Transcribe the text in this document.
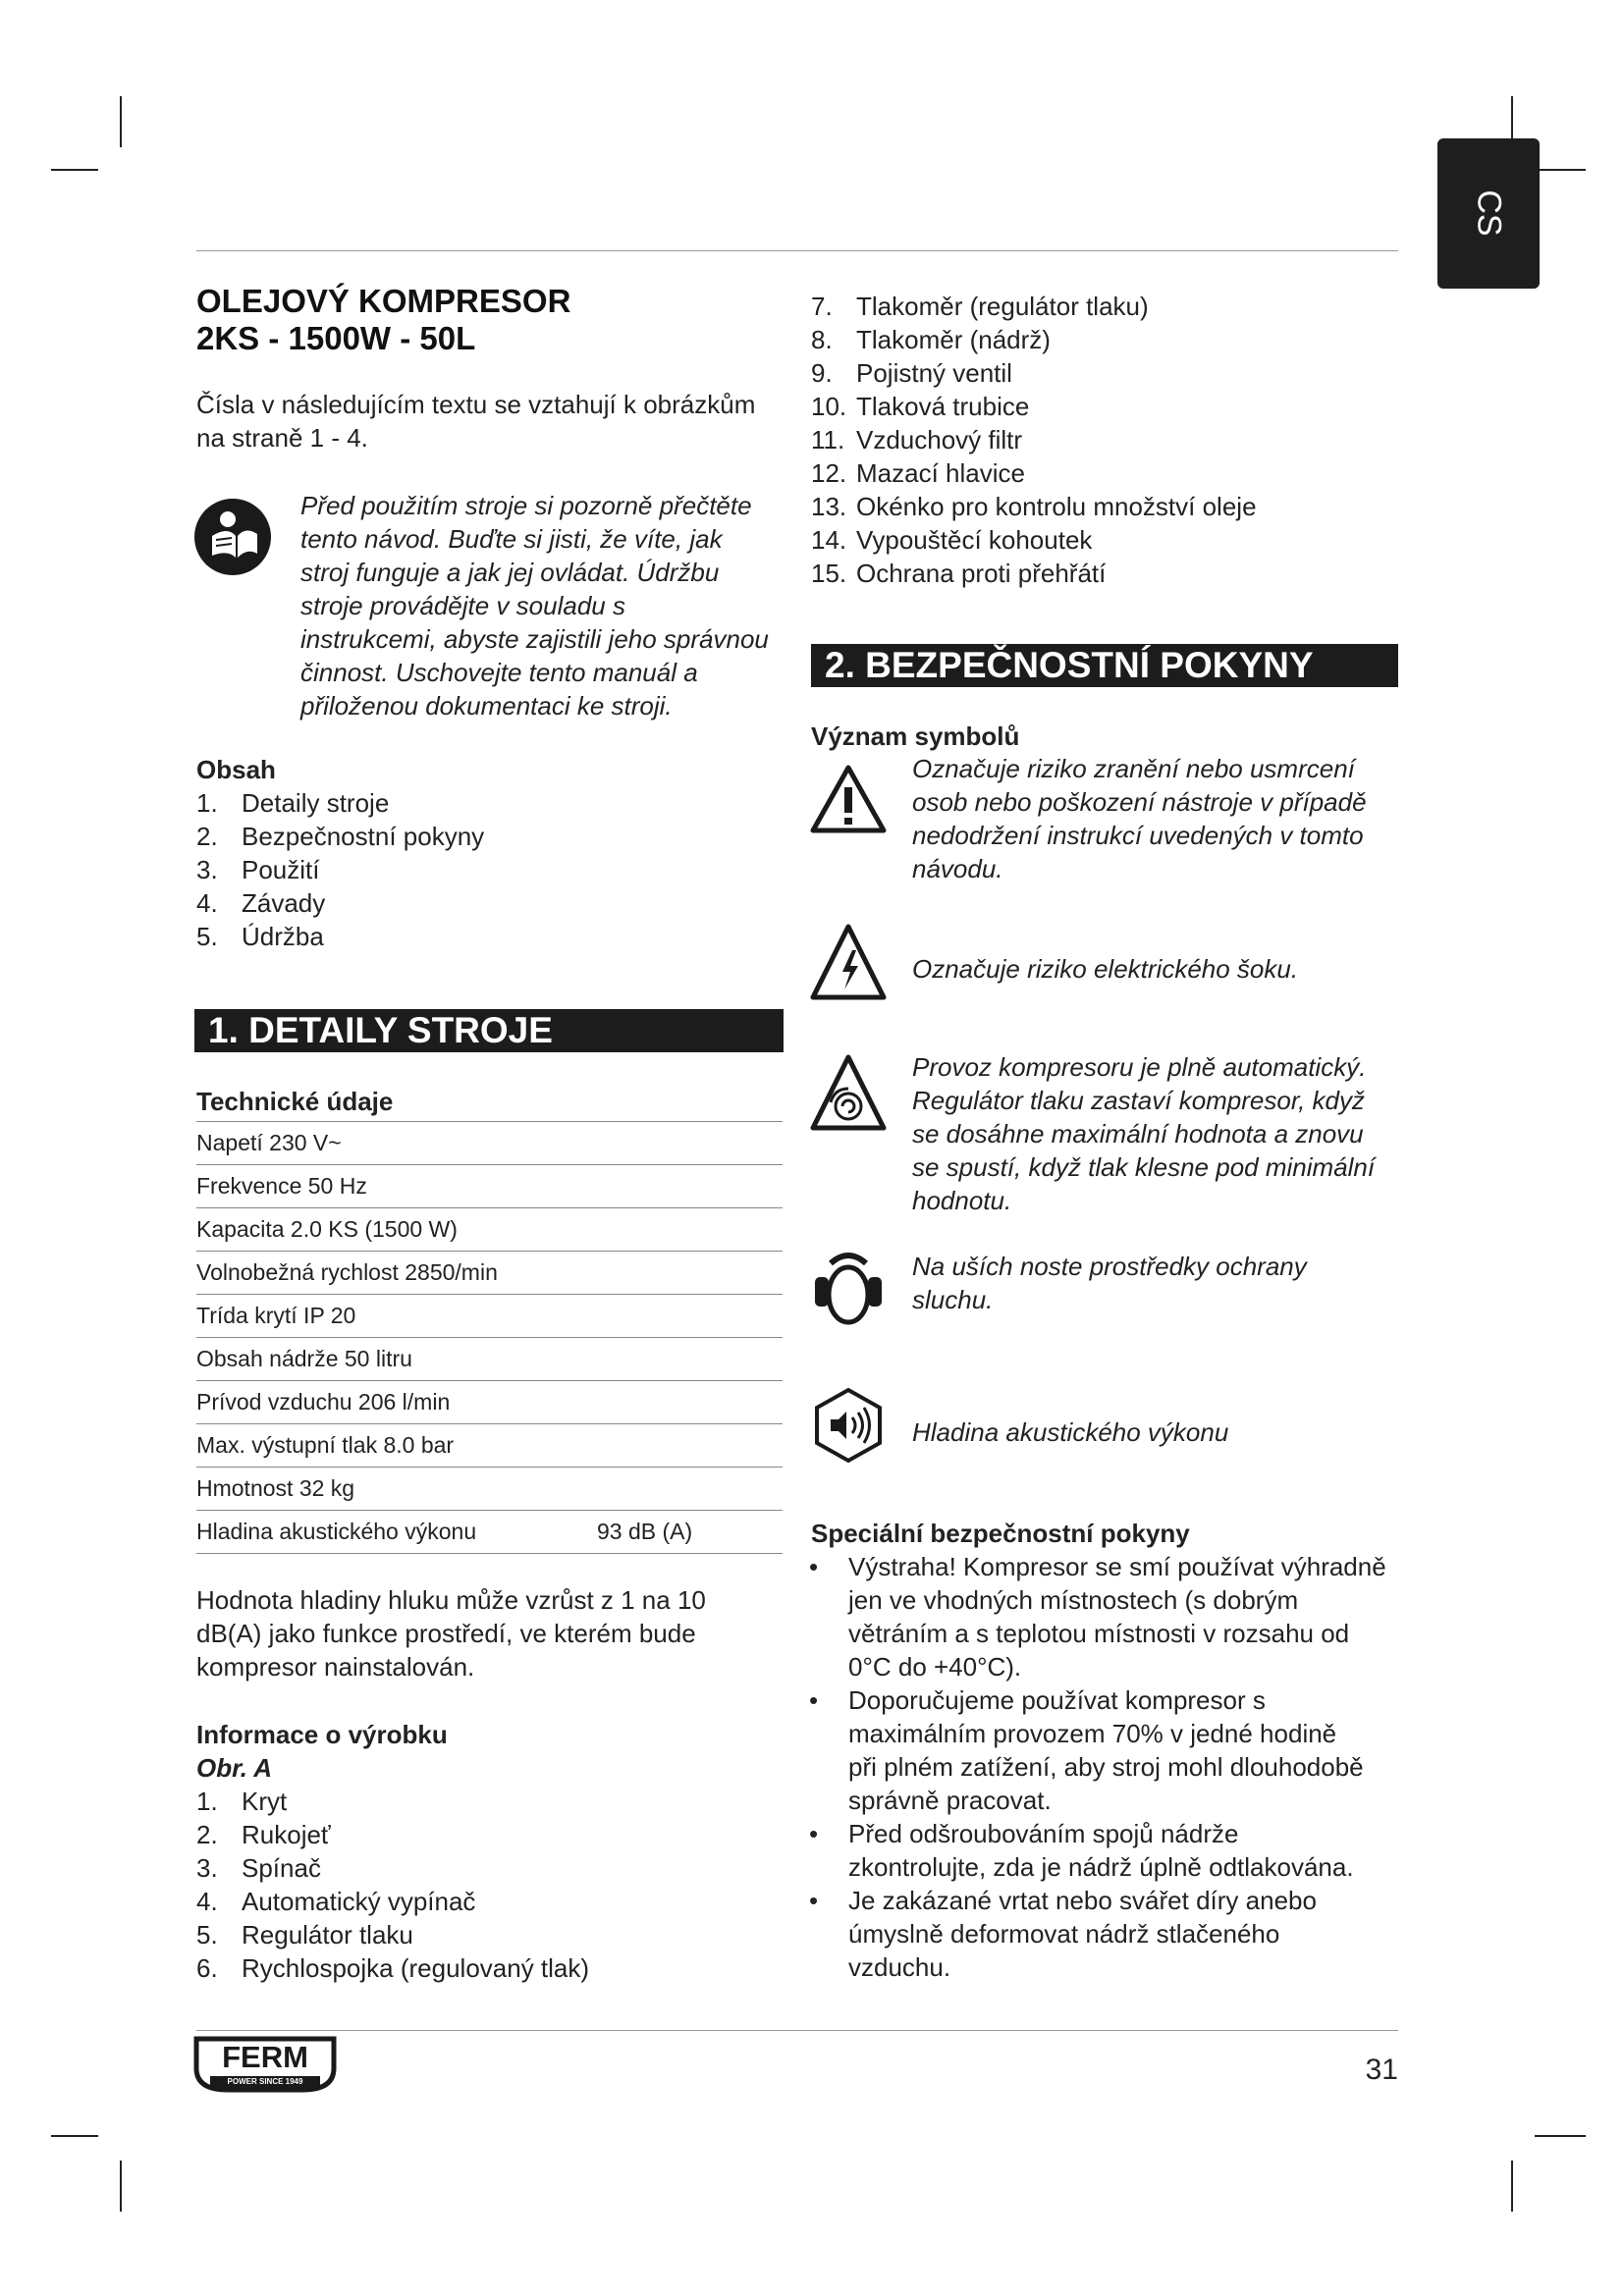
CS
OLEJOVÝ KOMPRESOR
2KS - 1500W - 50L
Čísla v následujícím textu se vztahují k obrázkům
na straně 1 - 4.
Před použitím stroje si pozorně přečtěte
tento návod. Buďte si jisti, že víte, jak
stroj funguje a jak jej ovládat. Údržbu
stroje provádějte v souladu s
instrukcemi, abyste zajistili jeho správnou
činnost. Uschovejte tento manuál a
přiloženou dokumentaci ke stroji.
Obsah
1. Detaily stroje
2. Bezpečnostní pokyny
3. Použití
4. Závady
5. Údržba
1. DETAILY STROJE
Technické údaje
Napetí 230 V~
Frekvence 50 Hz
Kapacita 2.0 KS (1500 W)
Volnobežná rychlost 2850/min
Trída krytí IP 20
Obsah nádrže 50 litru
Prívod vzduchu 206 l/min
Max. výstupní tlak 8.0 bar
Hmotnost 32 kg
Hladina akustického výkonu	93 dB (A)
Hodnota hladiny hluku může vzrůst z 1 na 10
dB(A) jako funkce prostředí, ve kterém bude
kompresor nainstalován.
Informace o výrobku
Obr. A
1. Kryt
2. Rukojeť
3. Spínač
4. Automatický vypínač
5. Regulátor tlaku
6. Rychlospojka (regulovaný tlak)
7. Tlakoměr (regulátor tlaku)
8. Tlakoměr (nádrž)
9. Pojistný ventil
10. Tlaková trubice
11. Vzduchový filtr
12. Mazací hlavice
13. Okénko pro kontrolu množství oleje
14. Vypouštěcí kohoutek
15. Ochrana proti přehřátí
2. BEZPEČNOSTNÍ POKYNY
Význam symbolů
Označuje riziko zranění nebo usmrcení
osob nebo poškození nástroje v případě
nedodržení instrukcí uvedených v tomto
návodu.
Označuje riziko elektrického šoku.
Provoz kompresoru je plně automatický.
Regulátor tlaku zastaví kompresor, když
se dosáhne maximální hodnota a znovu
se spustí, když tlak klesne pod minimální
hodnotu.
Na uších noste prostředky ochrany
sluchu.
Hladina akustického výkonu
Speciální bezpečnostní pokyny
• Výstraha! Kompresor se smí používat výhradně
jen ve vhodných místnostech (s dobrým
větráním a s teplotou místnosti v rozsahu od
0°C do +40°C).
• Doporučujeme používat kompresor s
maximálním provozem 70% v jedné hodině
při plném zatížení, aby stroj mohl dlouhodobě
správně pracovat.
• Před odšroubováním spojů nádrže
zkontrolujte, zda je nádrž úplně odtlakována.
• Je zakázané vrtat nebo svářet díry anebo
úmyslně deformovat nádrž stlačeného
vzduchu.
FERM
POWER SINCE 1949	31
